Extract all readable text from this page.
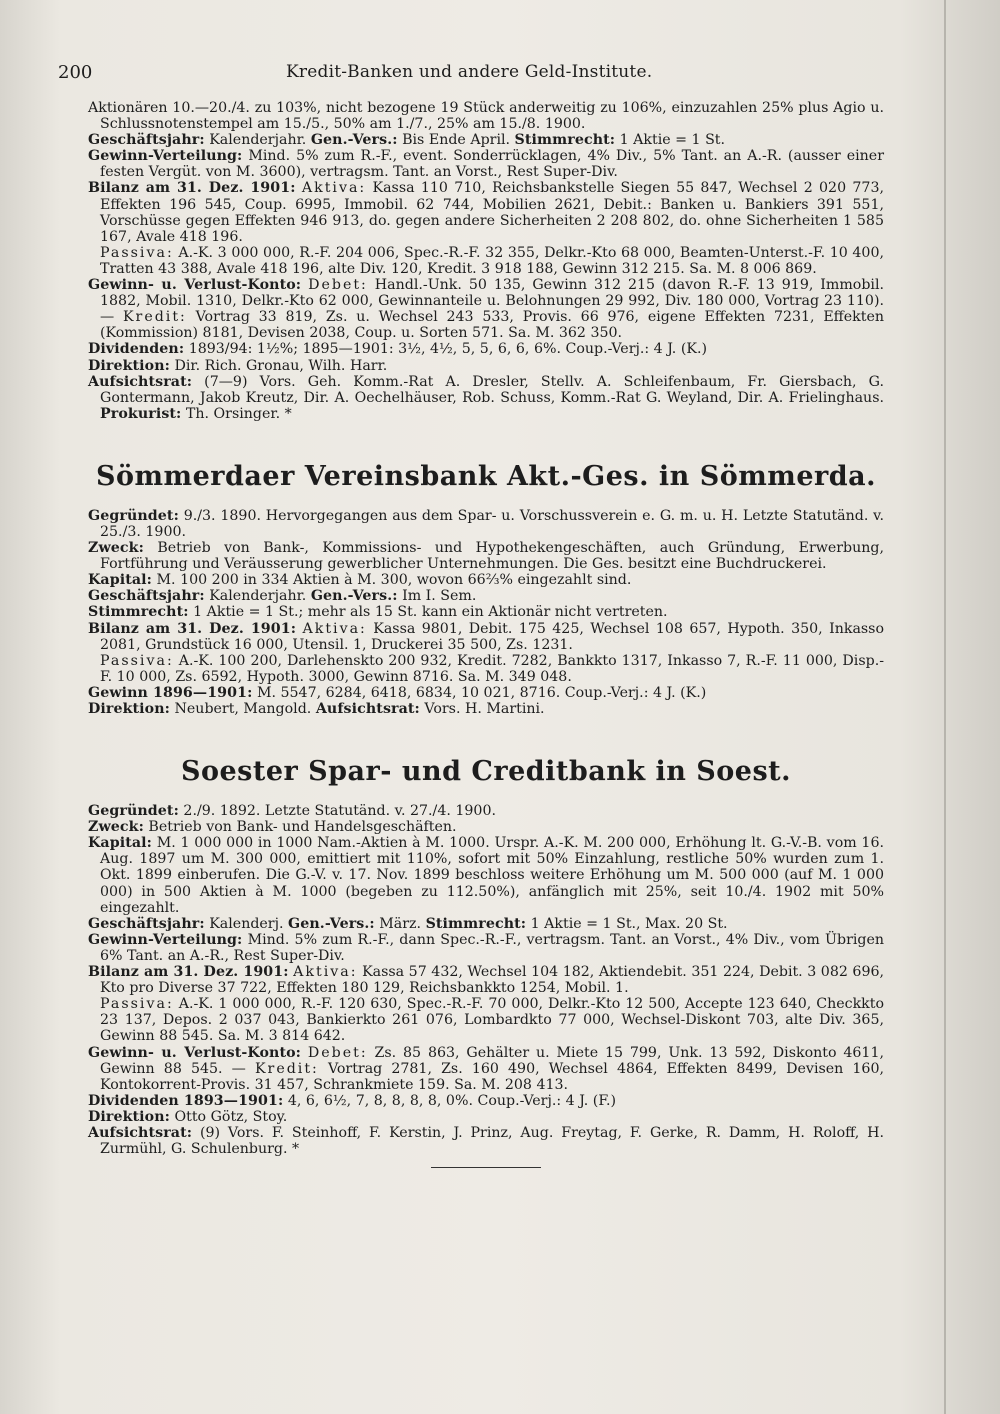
200	Kredit-Banken und andere Geld-Institute.

Aktionären 10.—20./4. zu 103%, nicht bezogene 19 Stück anderweitig zu 106%, einzuzahlen 25% plus Agio u. Schlussnotenstempel am 15./5., 50% am 1./7., 25% am 15./8. 1900.

Geschäftsjahr: Kalenderjahr. Gen.-Vers.: Bis Ende April. Stimmrecht: 1 Aktie = 1 St.

Gewinn-Verteilung: Mind. 5% zum R.-F., event. Sonderrücklagen, 4% Div., 5% Tant. an A.-R. (ausser einer festen Vergüt. von M. 3600), vertragsm. Tant. an Vorst., Rest Super-Div.

Bilanz am 31. Dez. 1901: Aktiva: Kassa 110 710, Reichsbankstelle Siegen 55 847, Wechsel 2 020 773, Effekten 196 545, Coup. 6995, Immobil. 62 744, Mobilien 2621, Debit.: Banken u. Bankiers 391 551, Vorschüsse gegen Effekten 946 913, do. gegen andere Sicherheiten 2 208 802, do. ohne Sicherheiten 1 585 167, Avale 418 196.

Passiva: A.-K. 3 000 000, R.-F. 204 006, Spec.-R.-F. 32 355, Delkr.-Kto 68 000, Beamten-Unterst.-F. 10 400, Tratten 43 388, Avale 418 196, alte Div. 120, Kredit. 3 918 188, Gewinn 312 215. Sa. M. 8 006 869.

Gewinn- u. Verlust-Konto: Debet: Handl.-Unk. 50 135, Gewinn 312 215 (davon R.-F. 13 919, Immobil. 1882, Mobil. 1310, Delkr.-Kto 62 000, Gewinnanteile u. Belohnungen 29 992, Div. 180 000, Vortrag 23 110). — Kredit: Vortrag 33 819, Zs. u. Wechsel 243 533, Provis. 66 976, eigene Effekten 7231, Effekten (Kommission) 8181, Devisen 2038, Coup. u. Sorten 571. Sa. M. 362 350.

Dividenden: 1893/94: 1½%; 1895—1901: 3½, 4½, 5, 5, 6, 6, 6%. Coup.-Verj.: 4 J. (K.)

Direktion: Dir. Rich. Gronau, Wilh. Harr.

Aufsichtsrat: (7—9) Vors. Geh. Komm.-Rat A. Dresler, Stellv. A. Schleifenbaum, Fr. Giersbach, G. Gontermann, Jakob Kreutz, Dir. A. Oechelhäuser, Rob. Schuss, Komm.-Rat G. Weyland, Dir. A. Frielinghaus. Prokurist: Th. Orsinger. *

Sömmerdaer Vereinsbank Akt.-Ges. in Sömmerda.

Gegründet: 9./3. 1890. Hervorgegangen aus dem Spar- u. Vorschussverein e. G. m. u. H. Letzte Statutänd. v. 25./3. 1900.

Zweck: Betrieb von Bank-, Kommissions- und Hypothekengeschäften, auch Gründung, Erwerbung, Fortführung und Veräusserung gewerblicher Unternehmungen. Die Ges. besitzt eine Buchdruckerei.

Kapital: M. 100 200 in 334 Aktien à M. 300, wovon 66⅔% eingezahlt sind.

Geschäftsjahr: Kalenderjahr. Gen.-Vers.: Im I. Sem.

Stimmrecht: 1 Aktie = 1 St.; mehr als 15 St. kann ein Aktionär nicht vertreten.

Bilanz am 31. Dez. 1901: Aktiva: Kassa 9801, Debit. 175 425, Wechsel 108 657, Hypoth. 350, Inkasso 2081, Grundstück 16 000, Utensil. 1, Druckerei 35 500, Zs. 1231.

Passiva: A.-K. 100 200, Darlehenskto 200 932, Kredit. 7282, Bankkto 1317, Inkasso 7, R.-F. 11 000, Disp.-F. 10 000, Zs. 6592, Hypoth. 3000, Gewinn 8716. Sa. M. 349 048.

Gewinn 1896—1901: M. 5547, 6284, 6418, 6834, 10 021, 8716. Coup.-Verj.: 4 J. (K.)

Direktion: Neubert, Mangold. Aufsichtsrat: Vors. H. Martini.

Soester Spar- und Creditbank in Soest.

Gegründet: 2./9. 1892. Letzte Statutänd. v. 27./4. 1900.

Zweck: Betrieb von Bank- und Handelsgeschäften.

Kapital: M. 1 000 000 in 1000 Nam.-Aktien à M. 1000. Urspr. A.-K. M. 200 000, Erhöhung lt. G.-V.-B. vom 16. Aug. 1897 um M. 300 000, emittiert mit 110%, sofort mit 50% Einzahlung, restliche 50% wurden zum 1. Okt. 1899 einberufen. Die G.-V. v. 17. Nov. 1899 beschloss weitere Erhöhung um M. 500 000 (auf M. 1 000 000) in 500 Aktien à M. 1000 (begeben zu 112.50%), anfänglich mit 25%, seit 10./4. 1902 mit 50% eingezahlt.

Geschäftsjahr: Kalenderj. Gen.-Vers.: März. Stimmrecht: 1 Aktie = 1 St., Max. 20 St.

Gewinn-Verteilung: Mind. 5% zum R.-F., dann Spec.-R.-F., vertragsm. Tant. an Vorst., 4% Div., vom Übrigen 6% Tant. an A.-R., Rest Super-Div.

Bilanz am 31. Dez. 1901: Aktiva: Kassa 57 432, Wechsel 104 182, Aktiendebit. 351 224, Debit. 3 082 696, Kto pro Diverse 37 722, Effekten 180 129, Reichsbankkto 1254, Mobil. 1.

Passiva: A.-K. 1 000 000, R.-F. 120 630, Spec.-R.-F. 70 000, Delkr.-Kto 12 500, Accepte 123 640, Checkkto 23 137, Depos. 2 037 043, Bankierkto 261 076, Lombardkto 77 000, Wechsel-Diskont 703, alte Div. 365, Gewinn 88 545. Sa. M. 3 814 642.

Gewinn- u. Verlust-Konto: Debet: Zs. 85 863, Gehälter u. Miete 15 799, Unk. 13 592, Diskonto 4611, Gewinn 88 545. — Kredit: Vortrag 2781, Zs. 160 490, Wechsel 4864, Effekten 8499, Devisen 160, Kontokorrent-Provis. 31 457, Schrankmiete 159. Sa. M. 208 413.

Dividenden 1893—1901: 4, 6, 6½, 7, 8, 8, 8, 8, 0%. Coup.-Verj.: 4 J. (F.)

Direktion: Otto Götz, Stoy.

Aufsichtsrat: (9) Vors. F. Steinhoff, F. Kerstin, J. Prinz, Aug. Freytag, F. Gerke, R. Damm, H. Roloff, H. Zurmühl, G. Schulenburg. *
